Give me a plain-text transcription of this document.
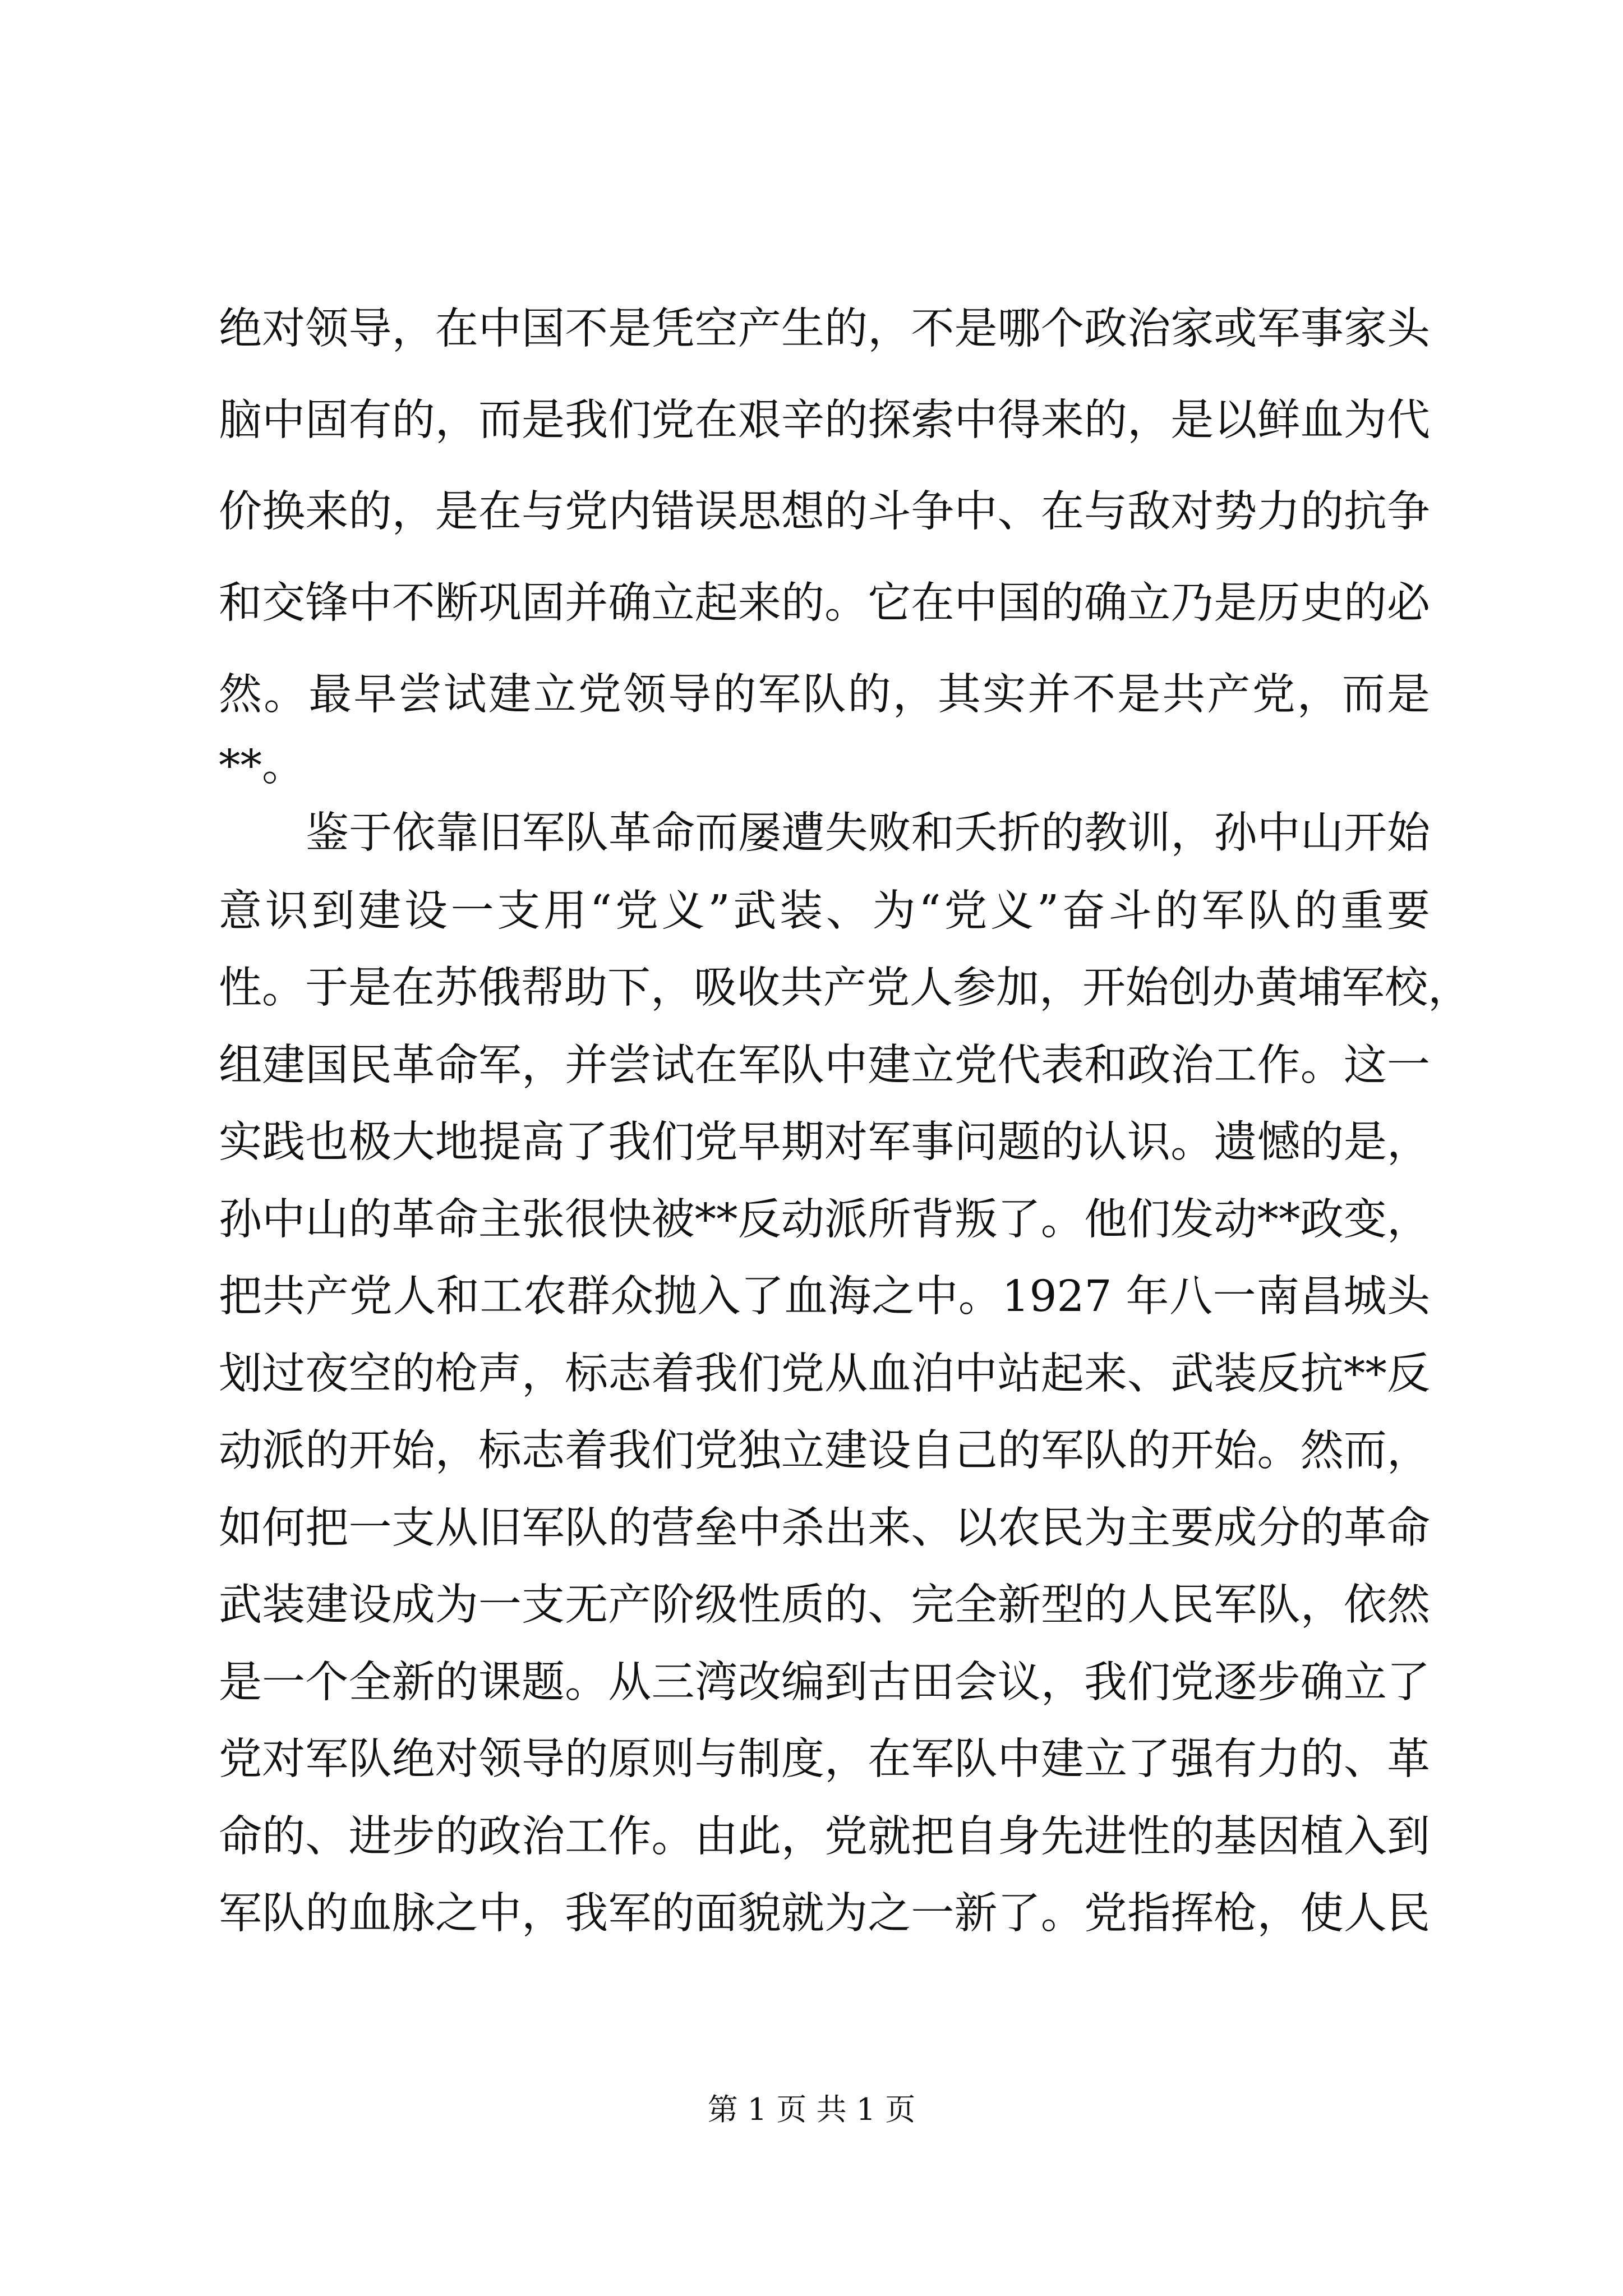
绝对领导，在中国不是凭空产生的，不是哪个政治家或军事家头
脑中固有的，而是我们党在艰辛的探索中得来的，是以鲜血为代
价换来的，是在与党内错误思想的斗争中、在与敌对势力的抗争
和交锋中不断巩固并确立起来的。它在中国的确立乃是历史的必
然。最早尝试建立党领导的军队的，其实并不是共产党，而是
**。
鉴于依靠旧军队革命而屡遭失败和夭折的教训，孙中山开始
意识到建设一支用“党义”武装、为“党义”奋斗的军队的重要
性。于是在苏俄帮助下，吸收共产党人参加，开始创办黄埔军校，
组建国民革命军，并尝试在军队中建立党代表和政治工作。这一
实践也极大地提高了我们党早期对军事问题的认识。遗憾的是，
孙中山的革命主张很快被**反动派所背叛了。他们发动**政变，
把共产党人和工农群众抛入了血海之中。1927 年八一南昌城头
划过夜空的枪声，标志着我们党从血泊中站起来、武装反抗**反
动派的开始，标志着我们党独立建设自己的军队的开始。然而，
如何把一支从旧军队的营垒中杀出来、以农民为主要成分的革命
武装建设成为一支无产阶级性质的、完全新型的人民军队，依然
是一个全新的课题。从三湾改编到古田会议，我们党逐步确立了
党对军队绝对领导的原则与制度，在军队中建立了强有力的、革
命的、进步的政治工作。由此，党就把自身先进性的基因植入到
军队的血脉之中，我军的面貌就为之一新了。党指挥枪，使人民
第 1 页 共 1 页
